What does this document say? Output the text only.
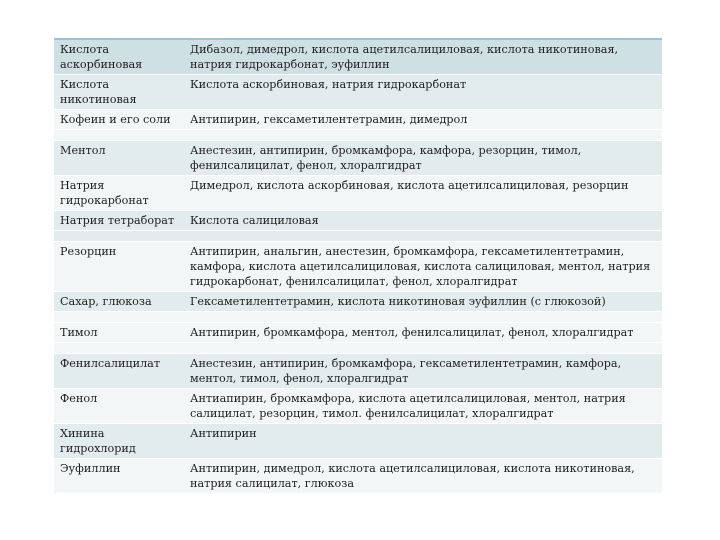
Кислота аскорбиновая	Дибазол, димедрол, кислота ацетилсалициловая, кислота никотиновая, натрия гидрокарбонат, эуфиллин
Кислота никотиновая	Кислота аскорбиновая, натрия гидрокарбонат
Кофеин и его соли	Антипирин, гексаметилентетрамин, димедрол

Ментол	Анестезин, антипирин, бромкамфора, камфора, резорцин, тимол, фенилсалицилат, фенол, хлоралгидрат
Натрия гидрокарбонат	Димедрол, кислота аскорбиновая, кислота ацетилсалициловая, резорцин
Натрия тетраборат	Кислота салициловая

Резорцин	Антипирин, анальгин, анестезин, бромкамфора, гексаметилентетрамин, камфора, кислота ацетилсалициловая, кислота салициловая, ментол, натрия гидрокарбонат, фенилсалицилат, фенол, хлоралгидрат
Сахар, глюкоза	Гексаметилентетрамин, кислота никотиновая эуфиллин (с глюкозой)

Тимол	Антипирин, бромкамфора, ментол, фенилсалицилат, фенол, хлоралгидрат

Фенилсалицилат	Анестезин, антипирин, бромкамфора, гексаметилентетрамин, камфора, ментол, тимол, фенол, хлоралгидрат
Фенол	Антиапирин, бромкамфора, кислота ацетилсалициловая, ментол, натрия салицилат, резорцин, тимол. фенилсалицилат, хлоралгидрат
Хинина гидрохлорид	Антипирин
Эуфиллин	Антипирин, димедрол, кислота ацетилсалициловая, кислота никотиновая, натрия салицилат, глюкоза
